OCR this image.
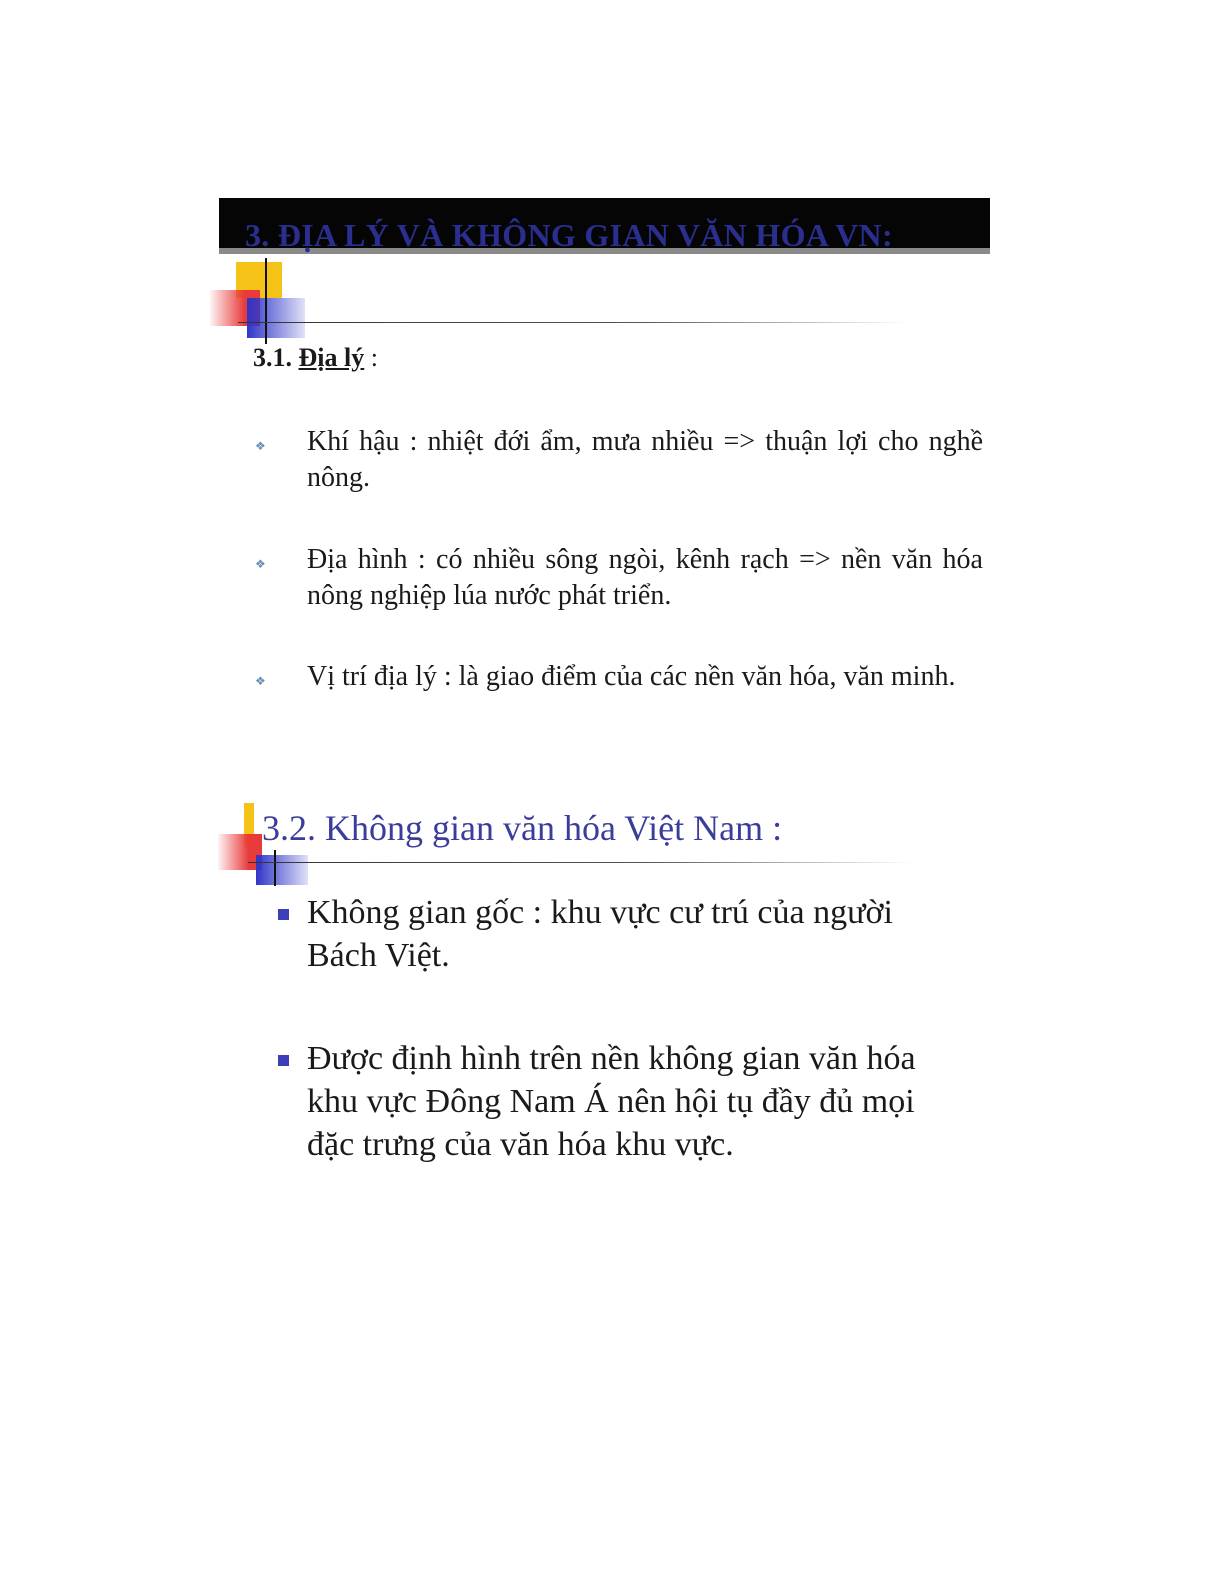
3. ĐỊA LÝ VÀ KHÔNG GIAN VĂN HÓA VN:
3.1. Địa lý :
❖ Khí hậu : nhiệt đới ẩm, mưa nhiều => thuận lợi cho nghề nông.
❖ Địa hình : có nhiều sông ngòi, kênh rạch => nền văn hóa nông nghiệp lúa nước phát triển.
❖ Vị trí địa lý : là giao điểm của các nền văn hóa, văn minh.
3.2. Không gian văn hóa Việt Nam :
Không gian gốc : khu vực cư trú của người Bách Việt.
Được định hình trên nền không gian văn hóa khu vực Đông Nam Á nên hội tụ đầy đủ mọi đặc trưng của văn hóa khu vực.
